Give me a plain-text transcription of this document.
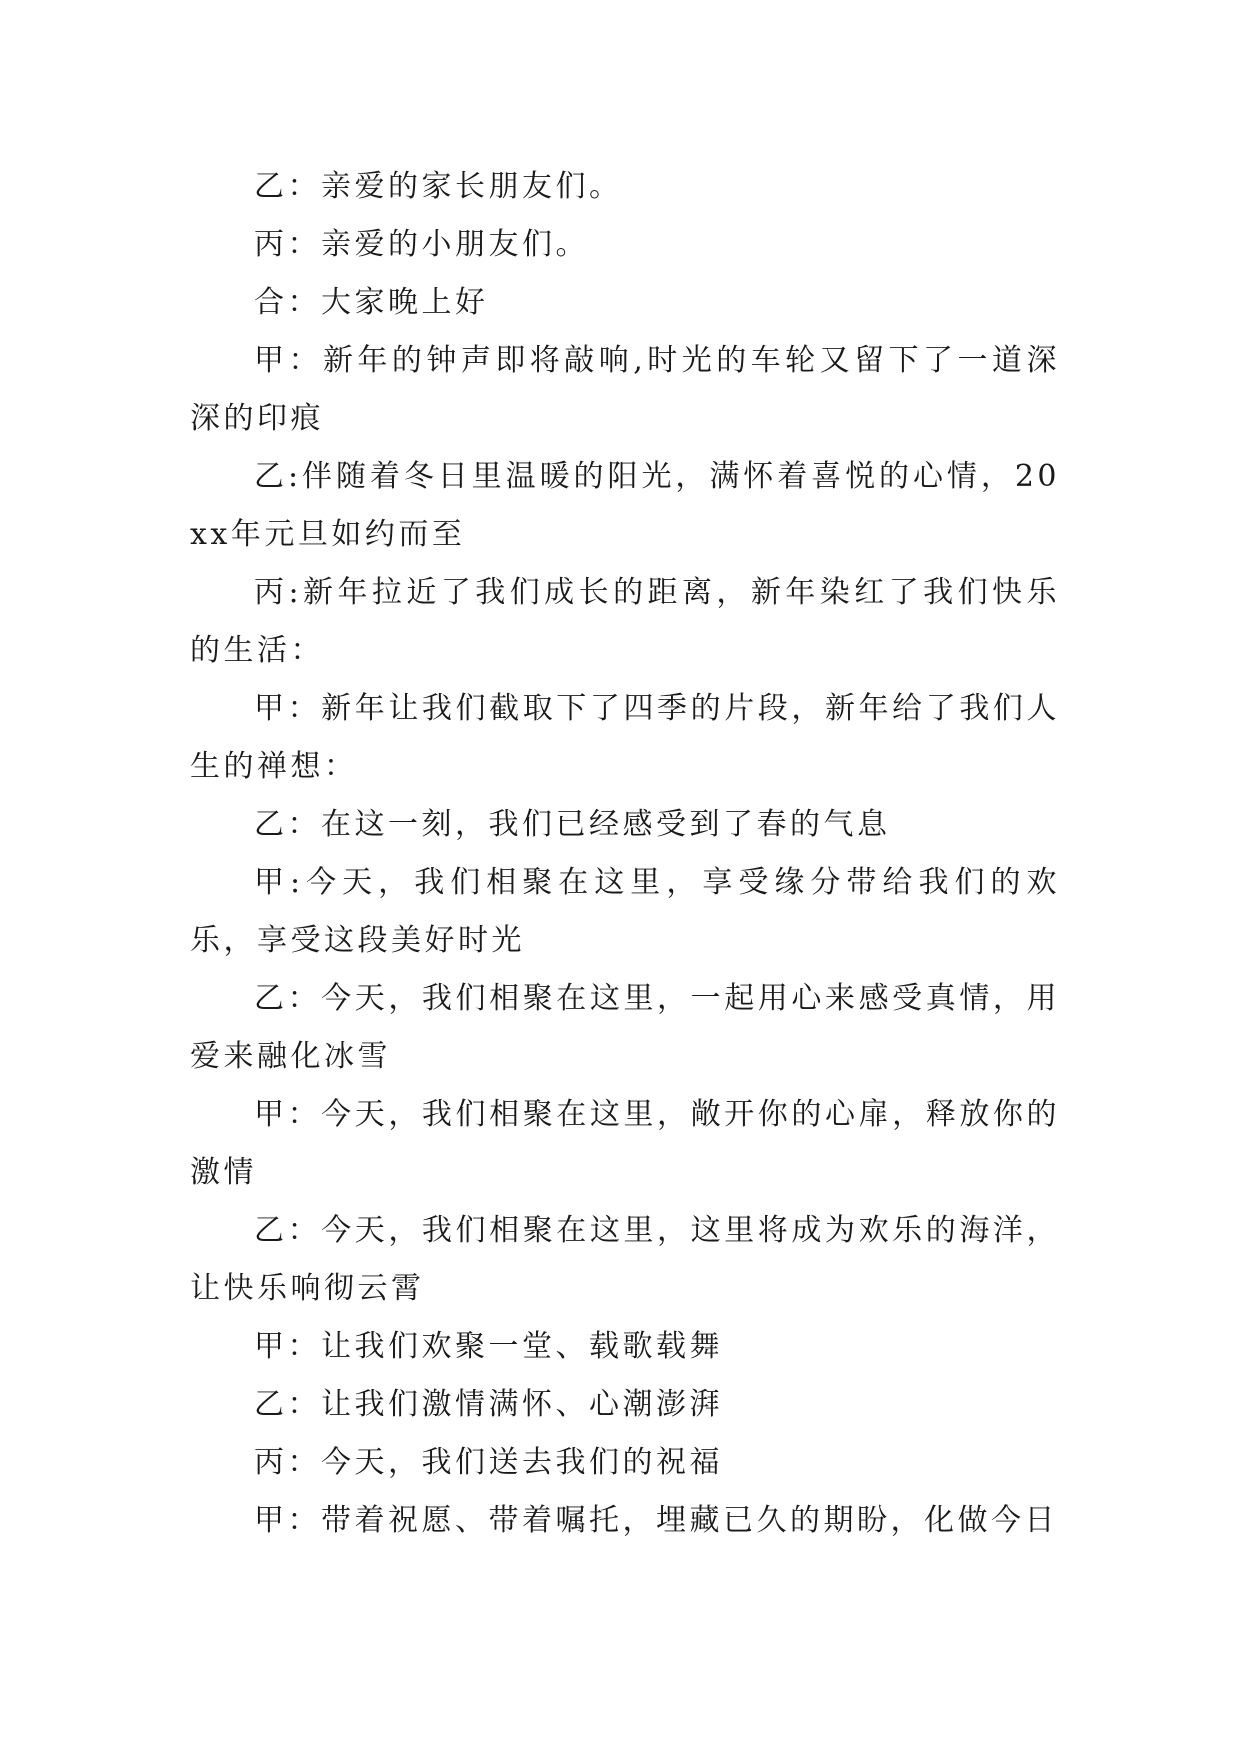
乙：亲爱的家长朋友们。

丙：亲爱的小朋友们。

合：大家晚上好

甲：新年的钟声即将敲响,时光的车轮又留下了一道深深的印痕

乙:伴随着冬日里温暖的阳光，满怀着喜悦的心情，20xx年元旦如约而至

丙:新年拉近了我们成长的距离，新年染红了我们快乐的生活：

甲：新年让我们截取下了四季的片段，新年给了我们人生的禅想：

乙：在这一刻，我们已经感受到了春的气息

甲:今天，我们相聚在这里，享受缘分带给我们的欢乐，享受这段美好时光

乙：今天，我们相聚在这里，一起用心来感受真情，用爱来融化冰雪

甲：今天，我们相聚在这里，敞开你的心扉，释放你的激情

乙：今天，我们相聚在这里，这里将成为欢乐的海洋，让快乐响彻云霄

甲：让我们欢聚一堂、载歌载舞

乙：让我们激情满怀、心潮澎湃

丙：今天，我们送去我们的祝福

甲：带着祝愿、带着嘱托，埋藏已久的期盼，化做今日
